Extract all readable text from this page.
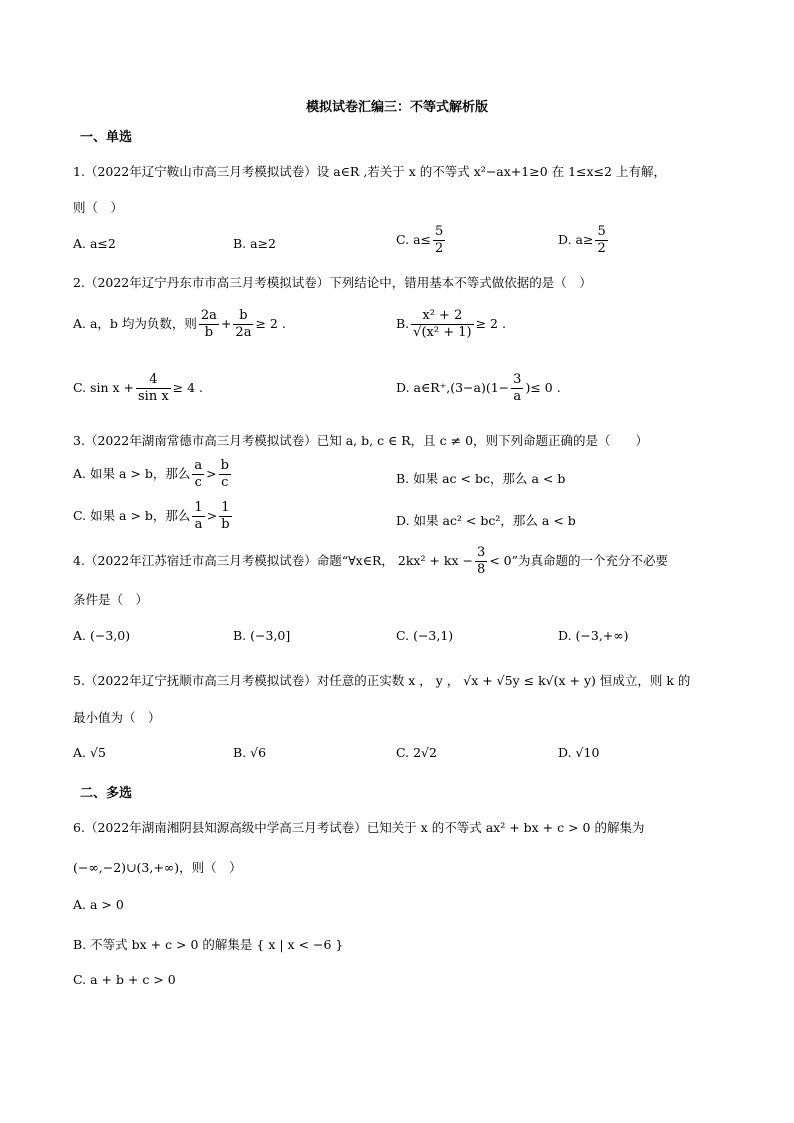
模拟试卷汇编三：不等式解析版
一、单选
1.（2022年辽宁鞍山市高三月考模拟试卷）设 a∈R ,若关于 x 的不等式 x²−ax+1≥0 在 1≤x≤2 上有解，
则（　）
A. a≤2	B. a≥2	C. $a\le \frac{5}{2}$	D. $a\ge \frac{5}{2}$
2.（2022年辽宁丹东市市高三月考模拟试卷）下列结论中，错用基本不等式做依据的是（　）
A. a，b 均为负数，则 $\frac{2a}{b} + \frac{b}{2a} \ge 2$ .	B. $\frac{\text{x² + 2}}{\text{√(x² + 1)}} \ge 2$ .
C. $\sin x + \frac{4}{\text{sin x}} \ge 4$ .	D. a∈R⁺,(3−a)(1− $\frac{3}{a}$ )≤ 0 .
3.（2022年湖南常德市高三月考模拟试卷）已知 a, b, c ∈ R，且 c ≠ 0，则下列命题正确的是（　　）
A. 如果 a > b，那么 $\frac{a}{c} > \frac{b}{c}$	B. 如果 ac < bc，那么 a < b
C. 如果 a > b，那么 $\frac{1}{a} > \frac{1}{b}$	D. 如果 ac² < bc²，那么 a < b
4.（2022年江苏宿迁市高三月考模拟试卷）命题“∀x∈R， 2kx² + kx − $\frac{3}{8} < 0$”为真命题的一个充分不必要
条件是（　）
A. (−3,0)	B. (−3,0]	C. (−3,1)	D. (−3,+∞)
5.（2022年辽宁抚顺市高三月考模拟试卷）对任意的正实数 x ， y ， √x + √5y ≤ k√(x + y) 恒成立，则 k 的
最小值为（　）
A. √5	B. √6	C. 2√2	D. √10
二、多选
6.（2022年湖南湘阴县知源高级中学高三月考试卷）已知关于 x 的不等式 ax² + bx + c > 0 的解集为
(−∞,−2)∪(3,+∞)，则（　）
A. a > 0
B. 不等式 bx + c > 0 的解集是 { x | x < −6 }
C. a + b + c > 0
